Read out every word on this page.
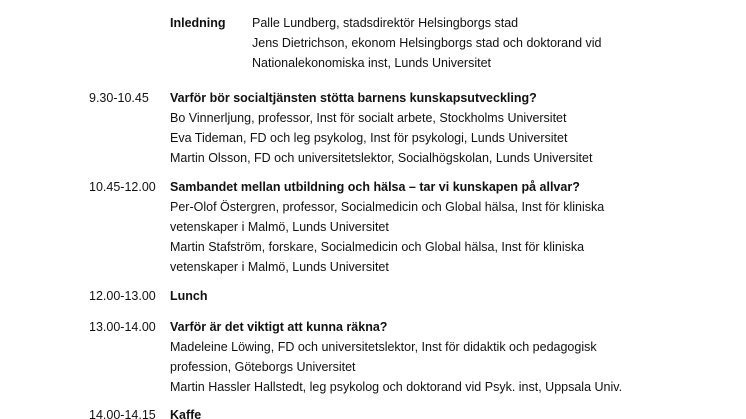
Inledning Palle Lundberg, stadsdirektör Helsingborgs stad
Jens Dietrichson, ekonom Helsingborgs stad och doktorand vid
Nationalekonomiska inst, Lunds Universitet
9.30-10.45 Varför bör socialtjänsten stötta barnens kunskapsutveckling?
Bo Vinnerljung, professor, Inst för socialt arbete, Stockholms Universitet
Eva Tideman, FD och leg psykolog, Inst för psykologi, Lunds Universitet
Martin Olsson, FD och universitetslektor, Socialhögskolan, Lunds Universitet
10.45-12.00 Sambandet mellan utbildning och hälsa – tar vi kunskapen på allvar?
Per-Olof Östergren, professor, Socialmedicin och Global hälsa, Inst för kliniska
vetenskaper i Malmö, Lunds Universitet
Martin Stafström, forskare, Socialmedicin och Global hälsa, Inst för kliniska
vetenskaper i Malmö, Lunds Universitet
12.00-13.00 Lunch
13.00-14.00 Varför är det viktigt att kunna räkna?
Madeleine Löwing, FD och universitetslektor, Inst för didaktik och pedagogisk
profession, Göteborgs Universitet
Martin Hassler Hallstedt, leg psykolog och doktorand vid Psyk. inst, Uppsala Univ.
14.00-14.15 Kaffe
